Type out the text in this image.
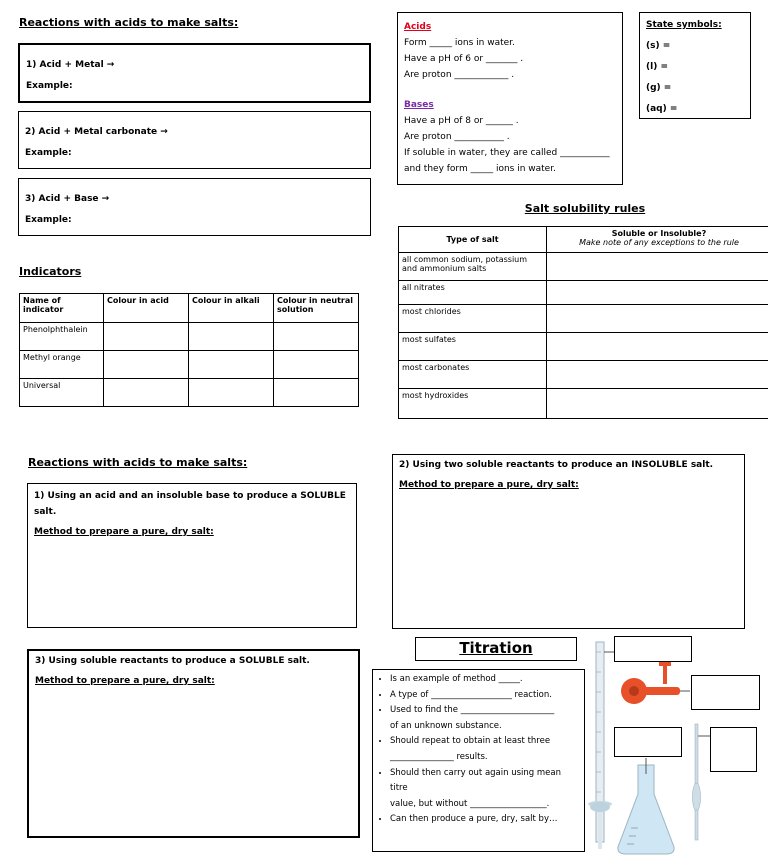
Reactions with acids to make salts:
1) Acid + Metal →
Example:
2) Acid + Metal carbonate →
Example:
3) Acid + Base →
Example:
Acids
Form _____ ions in water.
Have a pH of 6 or _______ .
Are proton ____________ .
Bases
Have a pH of 8 or ______ .
Are proton ___________ .
If soluble in water, they are called ___________
and they form _____ ions in water.
State symbols:
(s) =
(l) =
(g) =
(aq) =
Indicators
Name of indicator	Colour in acid	Colour in alkali	Colour in neutral solution
Phenolphthalein			
Methyl orange			
Universal			
Salt solubility rules
Type of salt	Soluble or Insoluble?
Make note of any exceptions to the rule

all common sodium, potassium and ammonium salts	
all nitrates	
most chlorides	
most sulfates	
most carbonates	
most hydroxides	
Reactions with acids to make salts:
1) Using an acid and an insoluble base to produce a SOLUBLE salt.
Method to prepare a pure, dry salt:
2) Using two soluble reactants to produce an INSOLUBLE salt.
Method to prepare a pure, dry salt:
3) Using soluble reactants to produce a SOLUBLE salt.
Method to prepare a pure, dry salt:
Titration
• Is an example of method _____.
• A type of ___________________ reaction.
• Used to find the ______________________
of an unknown substance.
• Should repeat to obtain at least three
_______________ results.
• Should then carry out again using mean titre
value, but without __________________.
• Can then produce a pure, dry, salt by…
